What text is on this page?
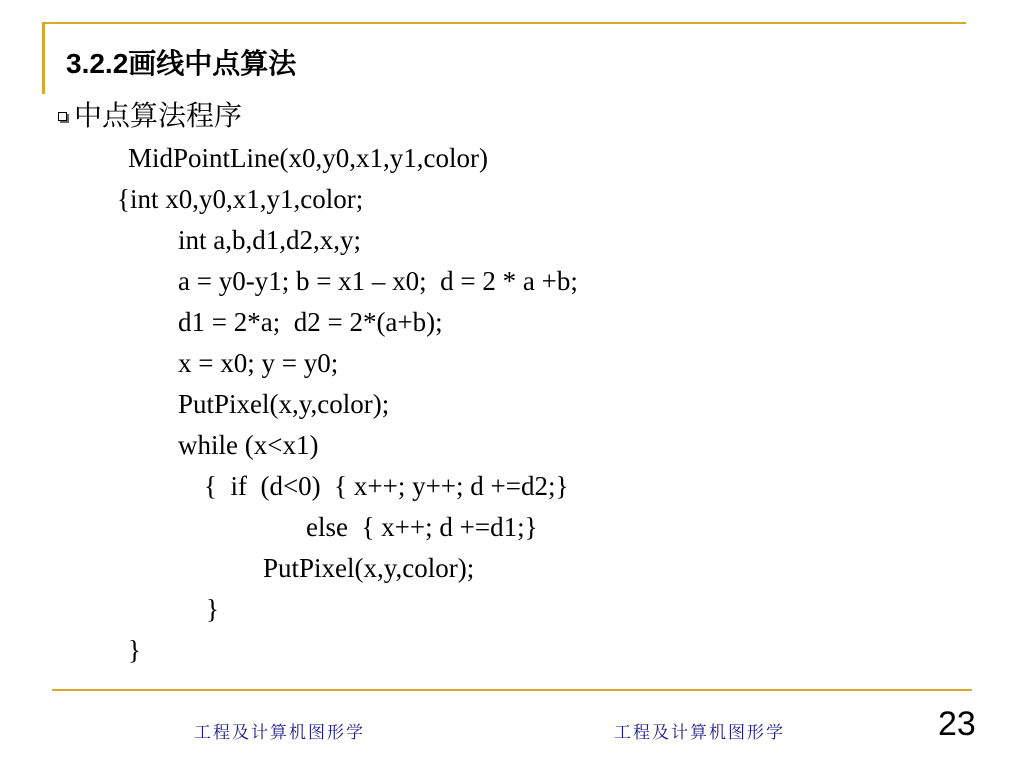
3.2.2画线中点算法
中点算法程序
MidPointLine(x0,y0,x1,y1,color)
{int x0,y0,x1,y1,color;
int a,b,d1,d2,x,y;
a = y0-y1; b = x1 – x0;  d = 2 * a +b;
d1 = 2*a;  d2 = 2*(a+b);
x = x0; y = y0;
PutPixel(x,y,color);
while (x<x1)
{  if  (d<0)  { x++; y++; d +=d2;}
else  { x++; d +=d1;}
PutPixel(x,y,color);
}
}
工程及计算机图形学	工程及计算机图形学	23
